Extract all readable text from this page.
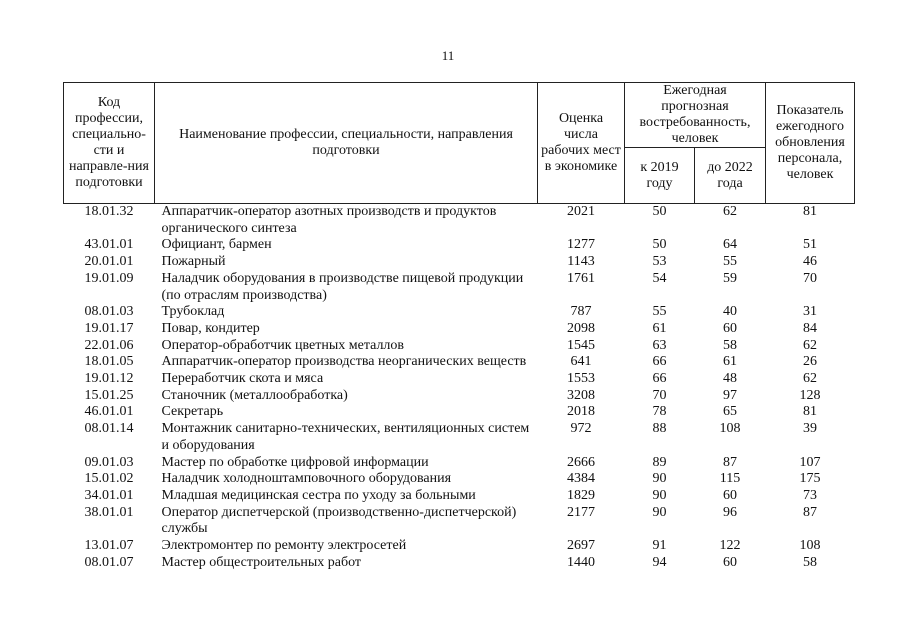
11
Код профессии, специально-сти и направле-ния подготовки	Наименование профессии, специальности, направления подготовки	Оценка числа рабочих мест в экономике	Ежегодная прогнозная востребованность, человек		Показатель ежегодного обновления персонала, человек
			к 2019 году	до 2022 года	
18.01.32	Аппаратчик-оператор азотных производств и продуктов органического синтеза	2021	50	62	81
43.01.01	Официант, бармен	1277	50	64	51
20.01.01	Пожарный	1143	53	55	46
19.01.09	Наладчик оборудования в производстве пищевой продукции (по отраслям производства)	1761	54	59	70
08.01.03	Трубоклад	787	55	40	31
19.01.17	Повар, кондитер	2098	61	60	84
22.01.06	Оператор-обработчик цветных металлов	1545	63	58	62
18.01.05	Аппаратчик-оператор производства неорганических веществ	641	66	61	26
19.01.12	Переработчик скота и мяса	1553	66	48	62
15.01.25	Станочник (металлообработка)	3208	70	97	128
46.01.01	Секретарь	2018	78	65	81
08.01.14	Монтажник санитарно-технических, вентиляционных систем и оборудования	972	88	108	39
09.01.03	Мастер по обработке цифровой информации	2666	89	87	107
15.01.02	Наладчик холодноштамповочного оборудования	4384	90	115	175
34.01.01	Младшая медицинская сестра по уходу за больными	1829	90	60	73
38.01.01	Оператор диспетчерской (производственно-диспетчерской) службы	2177	90	96	87
13.01.07	Электромонтер по ремонту электросетей	2697	91	122	108
08.01.07	Мастер общестроительных работ	1440	94	60	58
